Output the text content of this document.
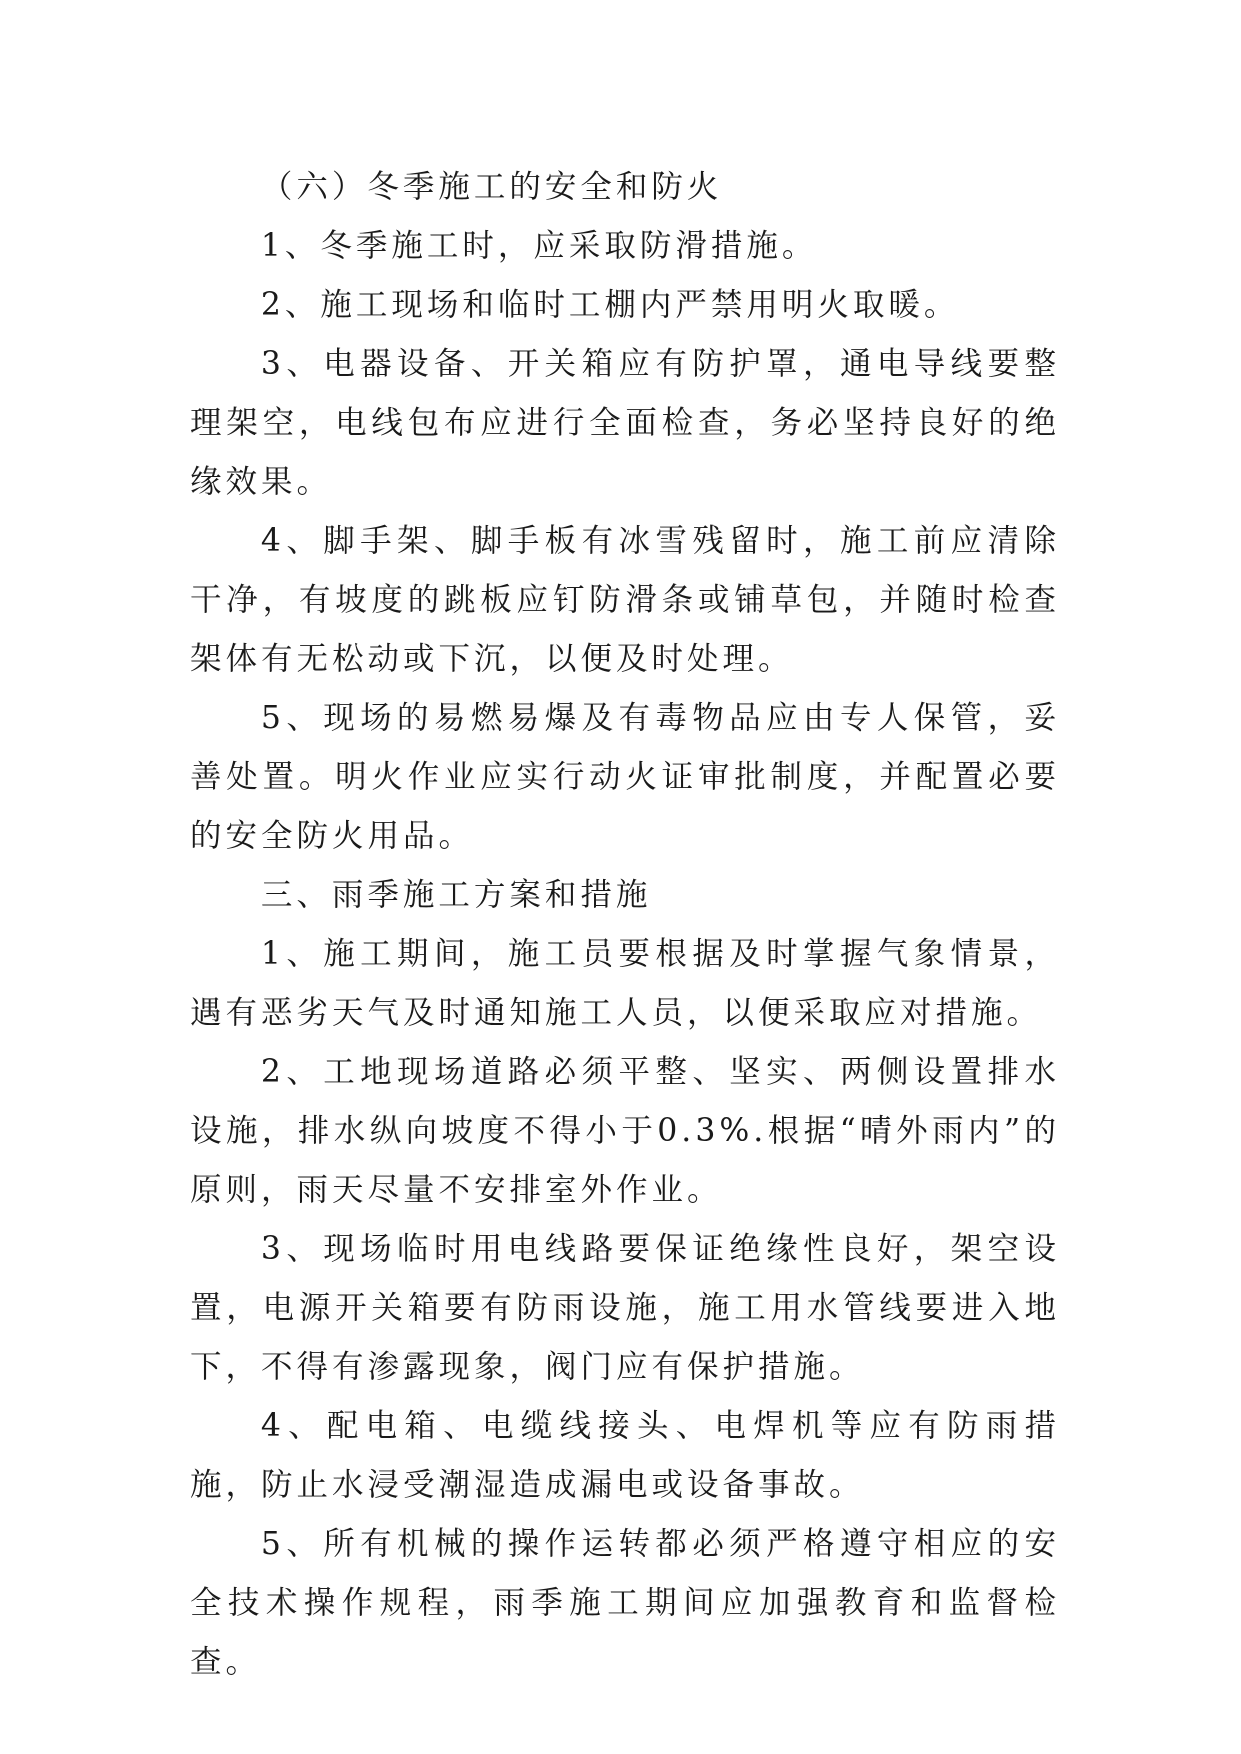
（六）冬季施工的安全和防火

1、冬季施工时，应采取防滑措施。

2、施工现场和临时工棚内严禁用明火取暖。

3、电器设备、开关箱应有防护罩，通电导线要整理架空，电线包布应进行全面检查，务必坚持良好的绝缘效果。

4、脚手架、脚手板有冰雪残留时，施工前应清除干净，有坡度的跳板应钉防滑条或铺草包，并随时检查架体有无松动或下沉，以便及时处理。

5、现场的易燃易爆及有毒物品应由专人保管，妥善处置。明火作业应实行动火证审批制度，并配置必要的安全防火用品。

三、雨季施工方案和措施

1、施工期间，施工员要根据及时掌握气象情景，遇有恶劣天气及时通知施工人员，以便采取应对措施。

2、工地现场道路必须平整、坚实、两侧设置排水设施，排水纵向坡度不得小于0.3%.根据“晴外雨内”的原则，雨天尽量不安排室外作业。

3、现场临时用电线路要保证绝缘性良好，架空设置，电源开关箱要有防雨设施，施工用水管线要进入地下，不得有渗露现象，阀门应有保护措施。

4、配电箱、电缆线接头、电焊机等应有防雨措施，防止水浸受潮湿造成漏电或设备事故。

5、所有机械的操作运转都必须严格遵守相应的安全技术操作规程，雨季施工期间应加强教育和监督检查。
